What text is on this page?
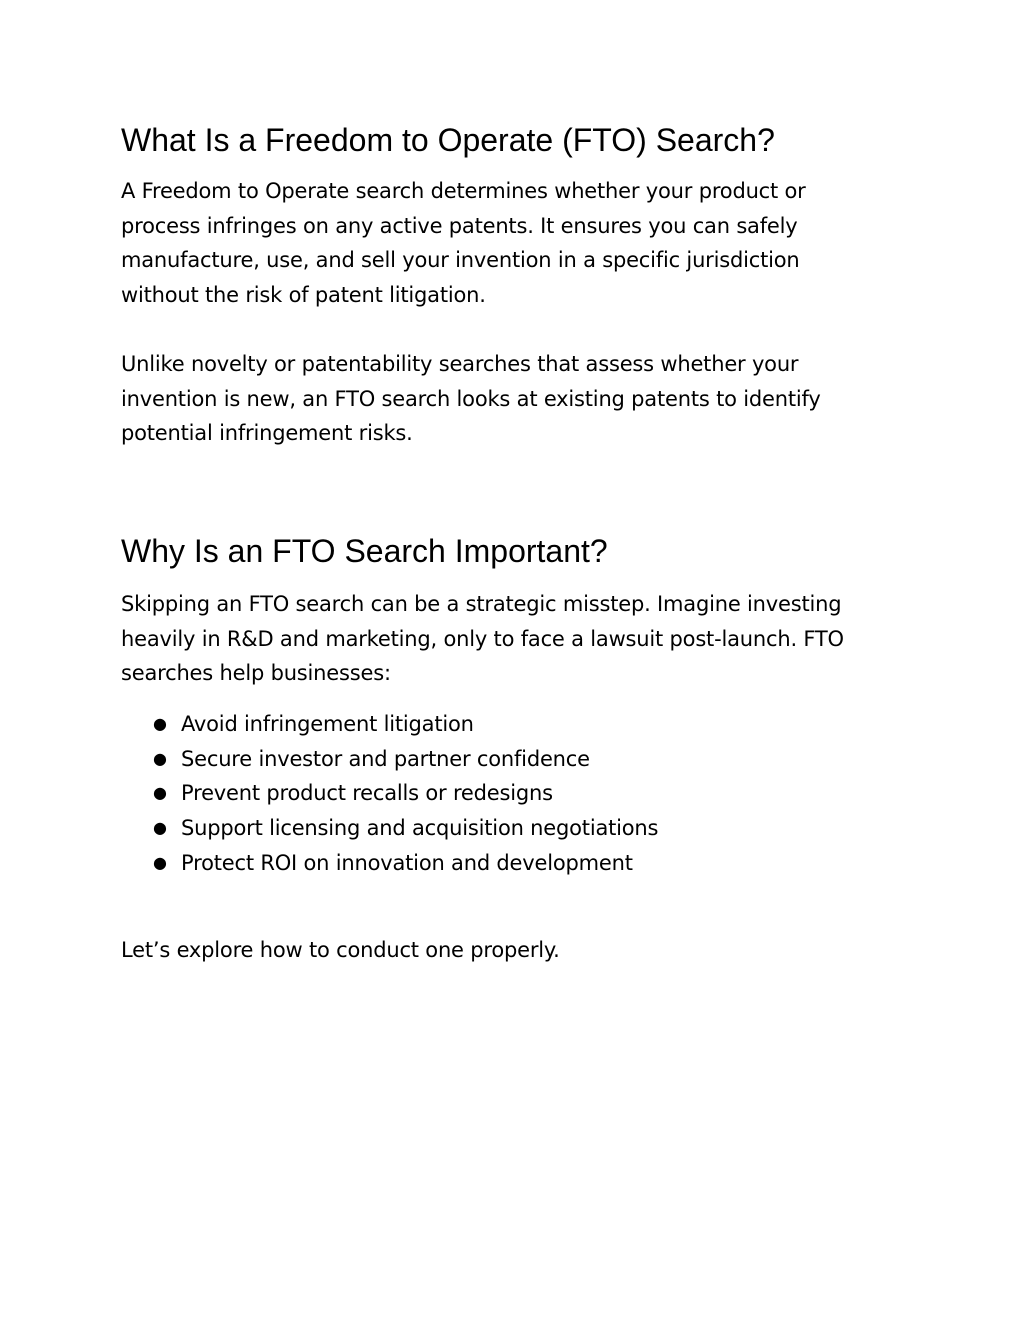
What Is a Freedom to Operate (FTO) Search?

A Freedom to Operate search determines whether your product or process infringes on any active patents. It ensures you can safely manufacture, use, and sell your invention in a specific jurisdiction without the risk of patent litigation.

Unlike novelty or patentability searches that assess whether your invention is new, an FTO search looks at existing patents to identify potential infringement risks.

Why Is an FTO Search Important?

Skipping an FTO search can be a strategic misstep. Imagine investing heavily in R&D and marketing, only to face a lawsuit post-launch. FTO searches help businesses:

● Avoid infringement litigation
● Secure investor and partner confidence
● Prevent product recalls or redesigns
● Support licensing and acquisition negotiations
● Protect ROI on innovation and development

Let’s explore how to conduct one properly.
